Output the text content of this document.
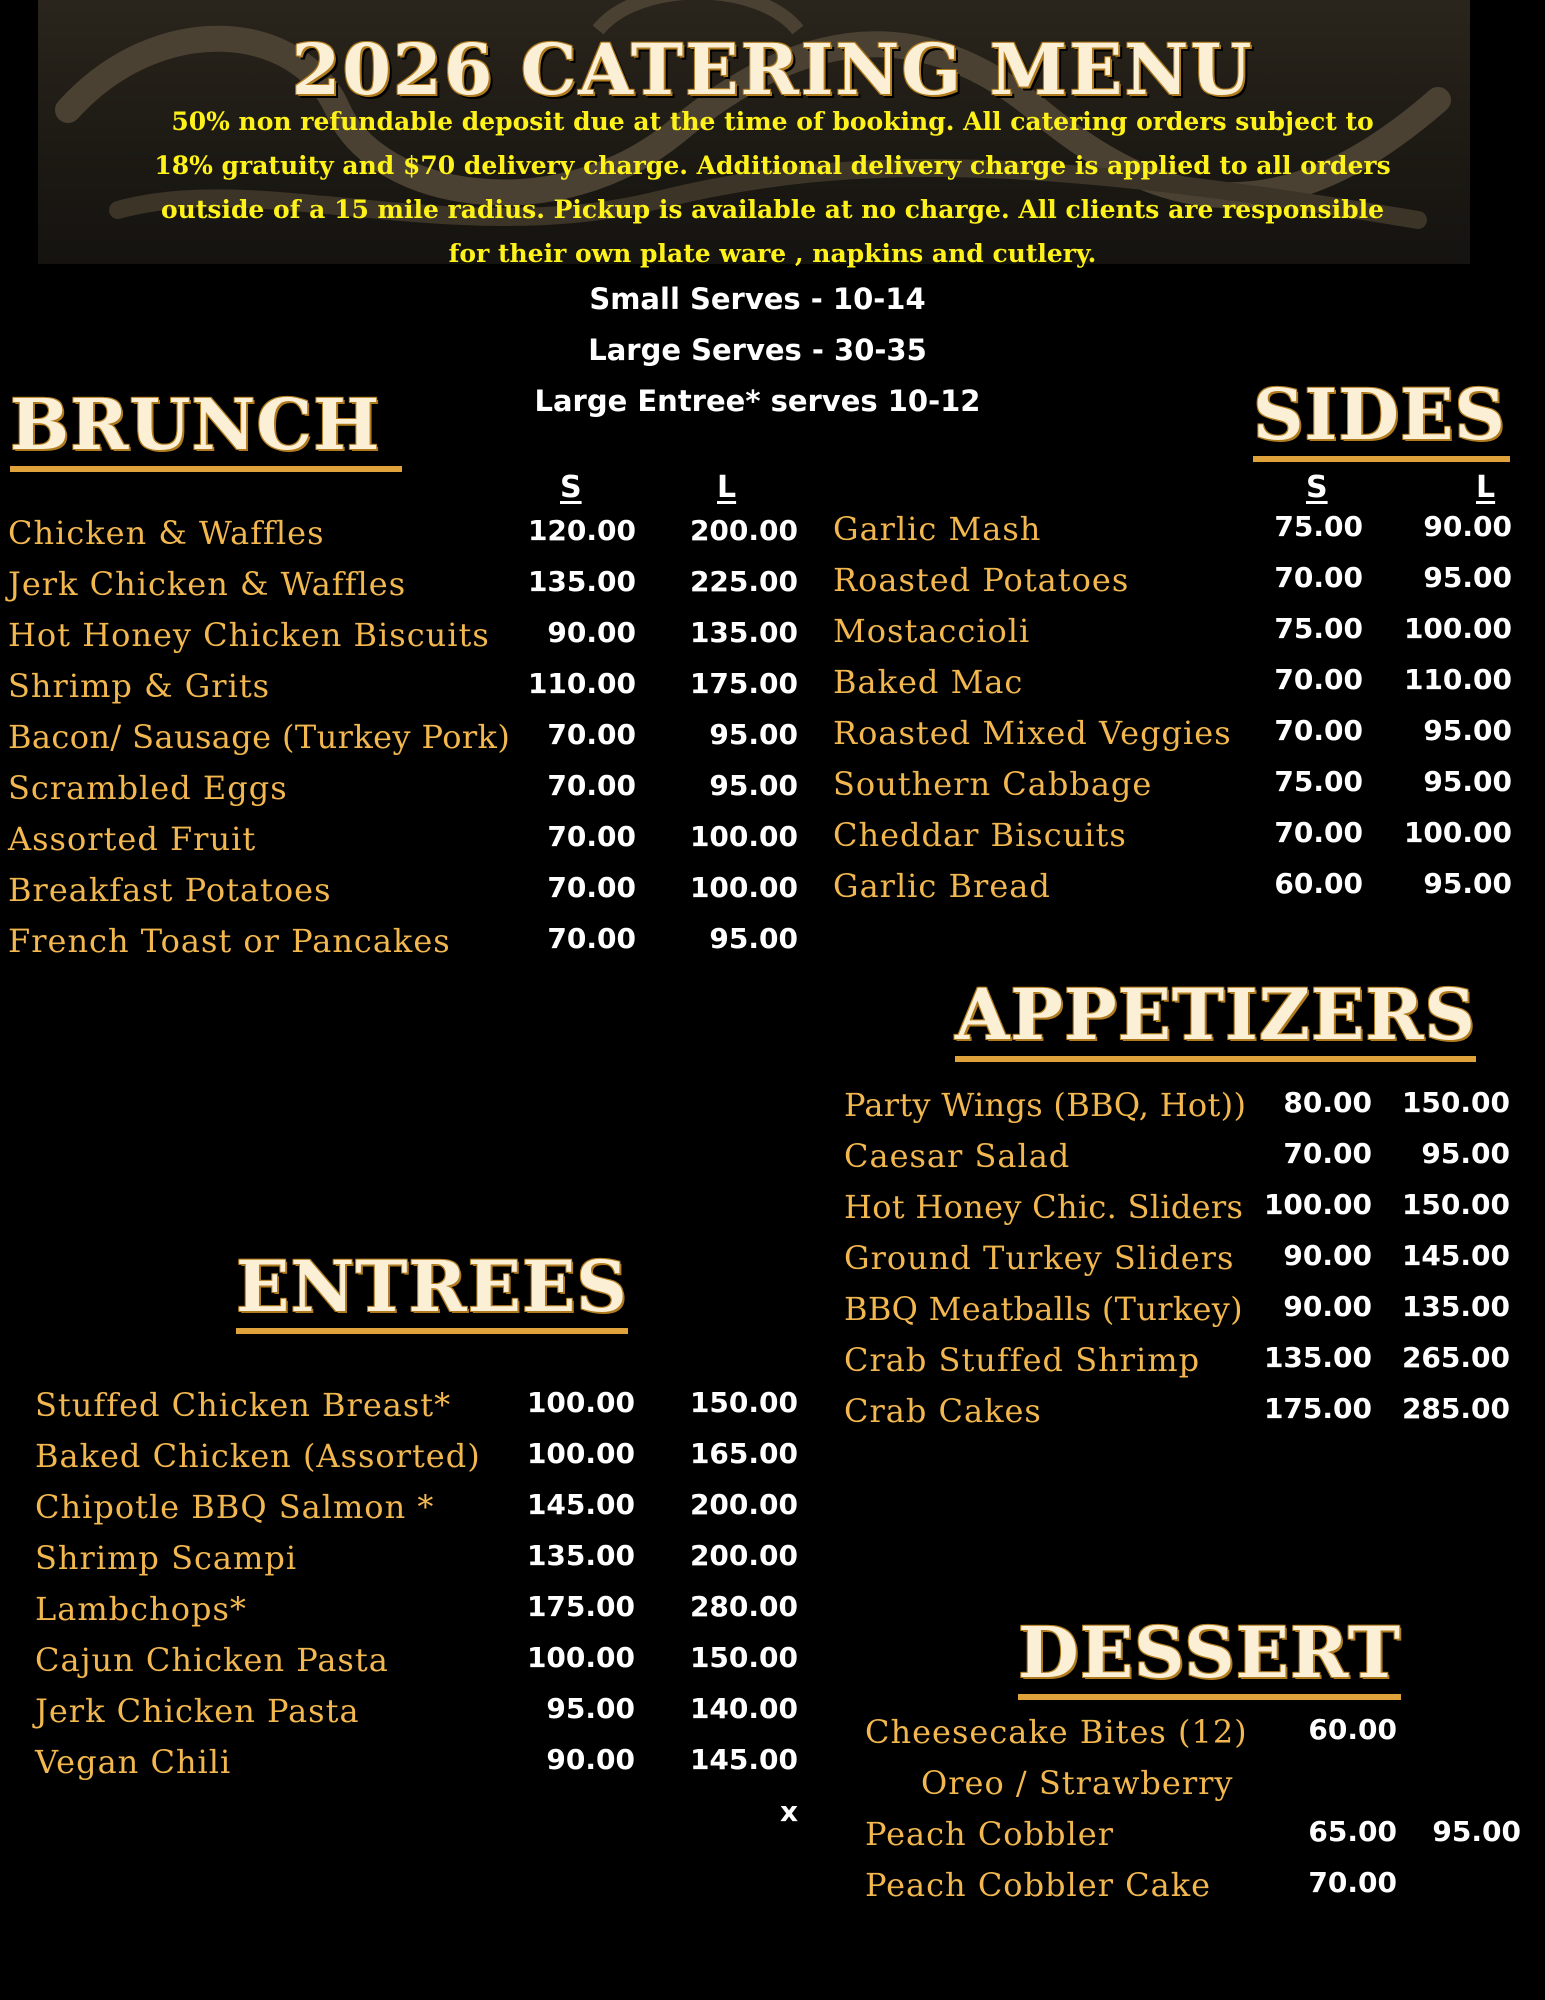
2026 CATERING MENU
50% non refundable deposit due at the time of booking. All catering orders subject to
18% gratuity and $70 delivery charge. Additional delivery charge is applied to all orders
outside of a 15 mile radius. Pickup is available at no charge. All clients are responsible
for their own plate ware , napkins and cutlery.
Small Serves - 10-14
Large Serves - 30-35
Large Entree* serves 10-12
BRUNCH	SIDES
APPETIZERS
ENTREES
DESSERT
S	L	S	L
Chicken & Waffles	120.00 200.00
Jerk Chicken & Waffles	135.00 225.00
Hot Honey Chicken Biscuits 90.00 135.00
Shrimp & Grits	110.00 175.00
Bacon/ Sausage (Turkey Pork) 70.00	95.00
Scrambled Eggs	70.00	95.00
Assorted Fruit	70.00 100.00
Breakfast Potatoes	70.00 100.00
French Toast or Pancakes	70.00	95.00
Garlic Mash	75.00 90.00
Roasted Potatoes	70.00 95.00
Mostaccioli	75.00 100.00
Baked Mac	70.00 110.00
Roasted Mixed Veggies 70.00 95.00
Southern Cabbage	75.00 95.00
Cheddar Biscuits	70.00 100.00
Garlic Bread	60.00 95.00
Party Wings (BBQ, Hot)) 80.00 150.00
Caesar Salad	70.00 95.00
Hot Honey Chic. Sliders 100.00 150.00
Ground Turkey Sliders 90.00 145.00
BBQ Meatballs (Turkey) 90.00 135.00
Crab Stuffed Shrimp 135.00 265.00
Crab Cakes	175.00 285.00
Stuffed Chicken Breast*	100.00 150.00
Baked Chicken (Assorted) 100.00 165.00
Chipotle BBQ Salmon *	145.00 200.00
Shrimp Scampi	135.00 200.00
Lambchops*	175.00 280.00
Cajun Chicken Pasta	100.00 150.00
Jerk Chicken Pasta	95.00 140.00
Vegan Chili	90.00 145.00
x
Cheesecake Bites (12) 60.00
Oreo / Strawberry
Peach Cobbler	65.00 95.00
Peach Cobbler Cake	70.00
